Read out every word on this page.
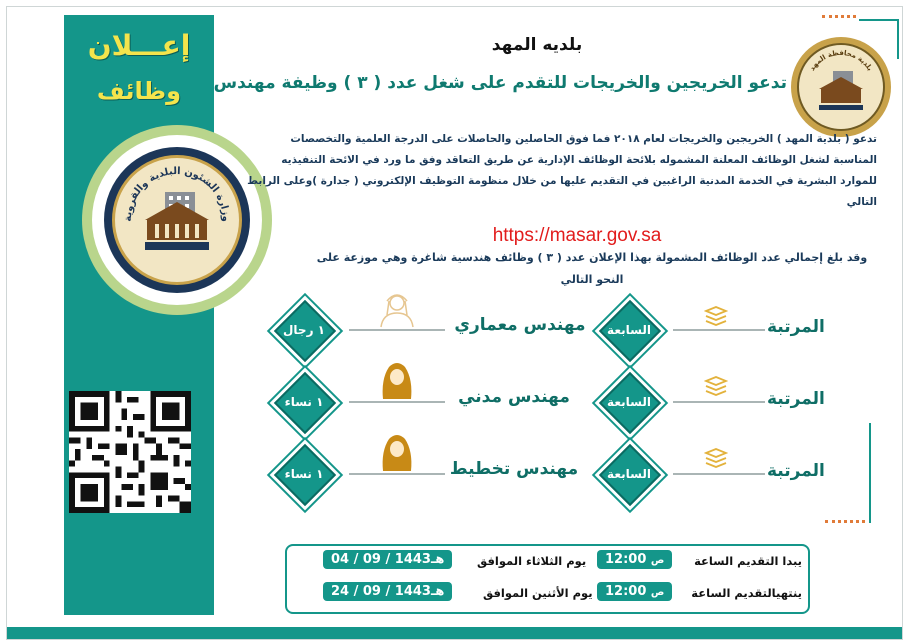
إعـــلان
وظائف
وزارة الشئون البلدية والقروية
بلدية محافظة المهد
بلديه المهد
تدعو الخريجين والخريجات للتقدم على شغل عدد ( ٣ ) وظيفة مهندس
تدعو ( بلدية المهد ) الخريجين والخريجات لعام ٢٠١٨ فما فوق الحاصلين والحاصلات على الدرجة العلمية والتخصصات المناسبة لشغل الوظائف المعلنة المشموله بلائحة الوظائف الإدارية عن طريق التعاقد وفق ما ورد في الائحة التنفيذيه للموارد البشرية في الخدمة المدنية الراغبين في التقديم عليها من خلال منظومة التوظيف الإلكتروني ( جدارة )وعلى الرابط التالي
https://masar.gov.sa
وقد بلغ إجمالي عدد الوظائف المشمولة بهذا الإعلان عدد ( ٣ ) وظائف هندسية شاغرة وهي موزعة على النحو التالي
المرتبة
السابعة
مهندس معماري
١ رجال
المرتبة
السابعة
مهندس مدني
١ نساء
المرتبة
السابعة
مهندس تخطيط
١ نساء
يبدا التقديم الساعة
12:00 ص
يوم الثلاثاء الموافق
04 / 09 / 1443هـ
ينتهيالتقديم الساعة
12:00 ص
يوم الأثنين الموافق
24 / 09 / 1443هـ
